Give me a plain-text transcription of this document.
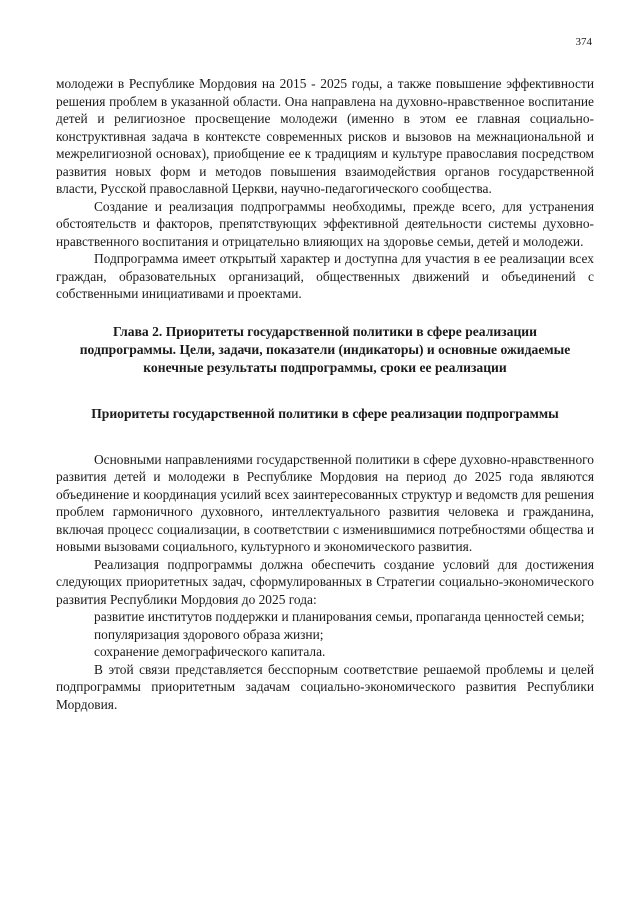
374

молодежи в Республике Мордовия на 2015 - 2025 годы, а также повышение эффективности решения проблем в указанной области. Она направлена на духовно-нравственное воспитание детей и религиозное просвещение молодежи (именно в этом ее главная социально-конструктивная задача в контексте современных рисков и вызовов на межнациональной и межрелигиозной основах), приобщение ее к традициям и культуре православия посредством развития новых форм и методов повышения взаимодействия органов государственной власти, Русской православной Церкви, научно-педагогического сообщества.

Создание и реализация подпрограммы необходимы, прежде всего, для устранения обстоятельств и факторов, препятствующих эффективной деятельности системы духовно-нравственного воспитания и отрицательно влияющих на здоровье семьи, детей и молодежи.

Подпрограмма имеет открытый характер и доступна для участия в ее реализации всех граждан, образовательных организаций, общественных движений и объединений с собственными инициативами и проектами.

Глава 2. Приоритеты государственной политики в сфере реализации подпрограммы. Цели, задачи, показатели (индикаторы) и основные ожидаемые конечные результаты подпрограммы, сроки ее реализации
Приоритеты государственной политики в сфере реализации подпрограммы

Основными направлениями государственной политики в сфере духовно-нравственного развития детей и молодежи в Республике Мордовия на период до 2025 года являются объединение и координация усилий всех заинтересованных структур и ведомств для решения проблем гармоничного духовного, интеллектуального развития человека и гражданина, включая процесс социализации, в соответствии с изменившимися потребностями общества и новыми вызовами социального, культурного и экономического развития.

Реализация подпрограммы должна обеспечить создание условий для достижения следующих приоритетных задач, сформулированных в Стратегии социально-экономического развития Республики Мордовия до 2025 года:

развитие институтов поддержки и планирования семьи, пропаганда ценностей семьи;

популяризация здорового образа жизни;

сохранение демографического капитала.

В этой связи представляется бесспорным соответствие решаемой проблемы и целей подпрограммы приоритетным задачам социально-экономического развития Республики Мордовия.
